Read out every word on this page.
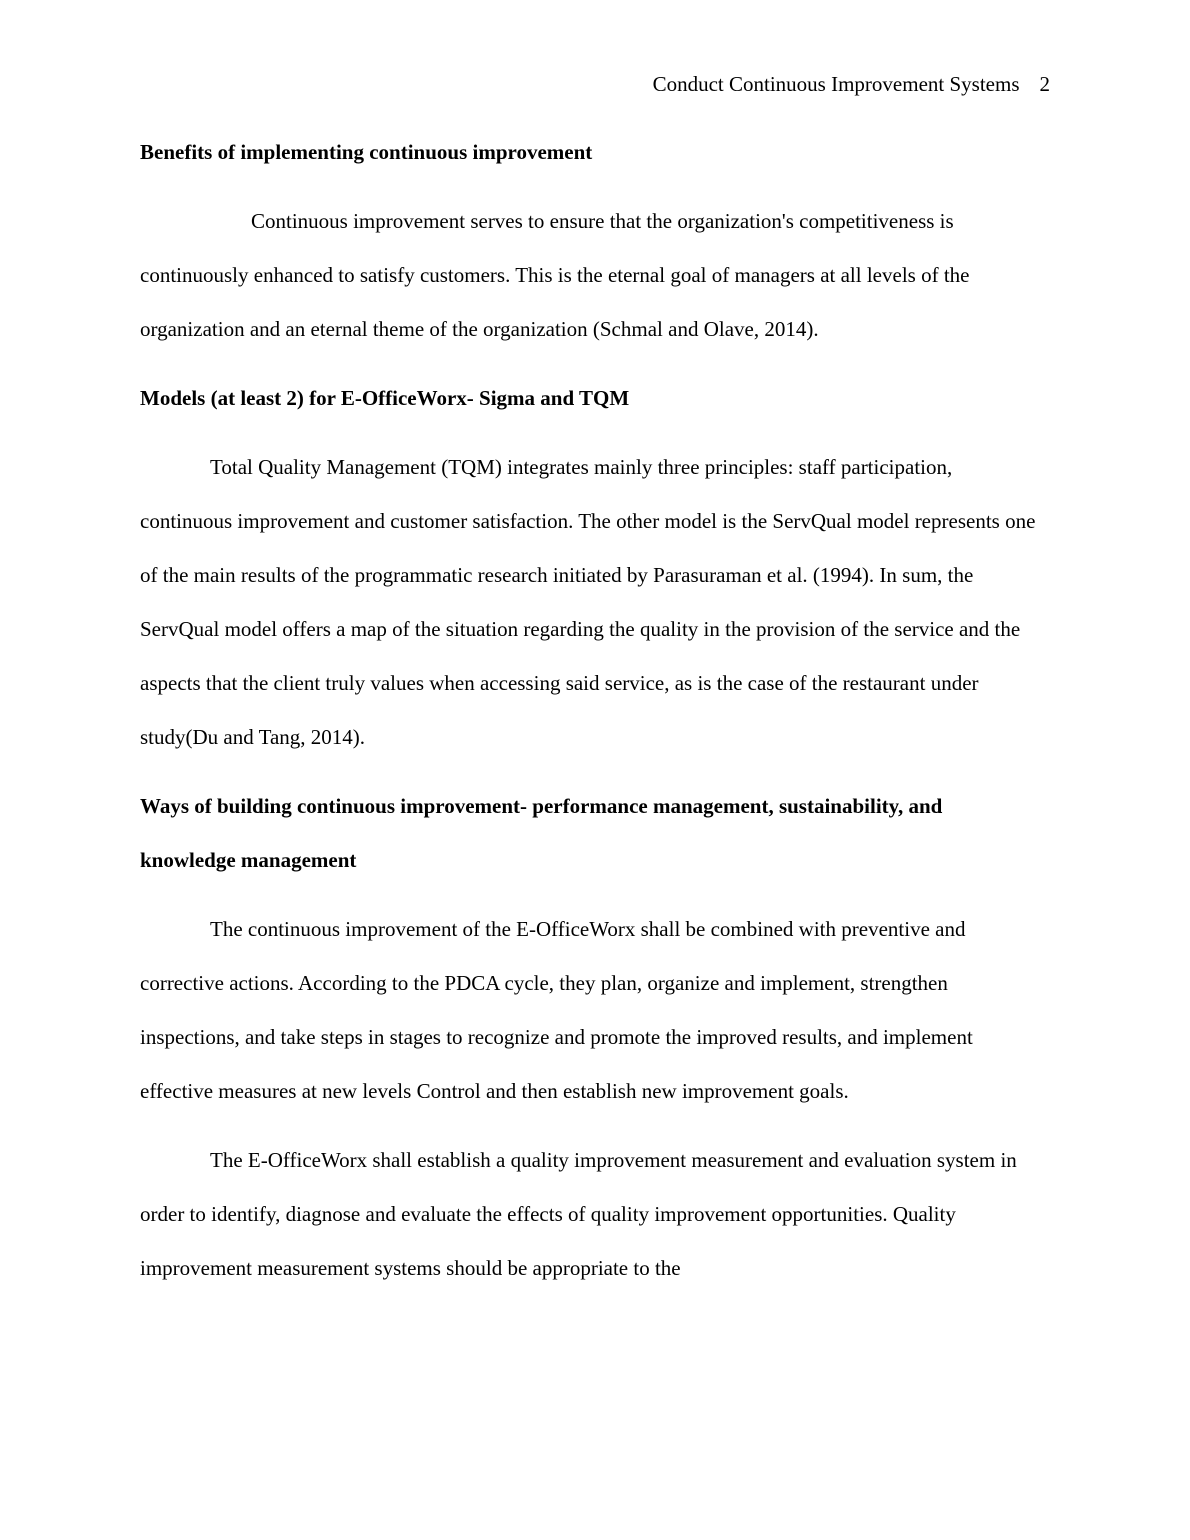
Conduct Continuous Improvement Systems 2

Benefits of implementing continuous improvement

Continuous improvement serves to ensure that the organization's competitiveness is continuously enhanced to satisfy customers. This is the eternal goal of managers at all levels of the organization and an eternal theme of the organization (Schmal and Olave, 2014).

Models (at least 2) for E-OfficeWorx- Sigma and TQM

Total Quality Management (TQM) integrates mainly three principles: staff participation, continuous improvement and customer satisfaction. The other model is the ServQual model represents one of the main results of the programmatic research initiated by Parasuraman et al. (1994). In sum, the ServQual model offers a map of the situation regarding the quality in the provision of the service and the aspects that the client truly values when accessing said service, as is the case of the restaurant under study(Du and Tang, 2014).

Ways of building continuous improvement- performance management, sustainability, and knowledge management

The continuous improvement of the E-OfficeWorx shall be combined with preventive and corrective actions. According to the PDCA cycle, they plan, organize and implement, strengthen inspections, and take steps in stages to recognize and promote the improved results, and implement effective measures at new levels Control and then establish new improvement goals.

The E-OfficeWorx shall establish a quality improvement measurement and evaluation system in order to identify, diagnose and evaluate the effects of quality improvement opportunities. Quality improvement measurement systems should be appropriate to the
